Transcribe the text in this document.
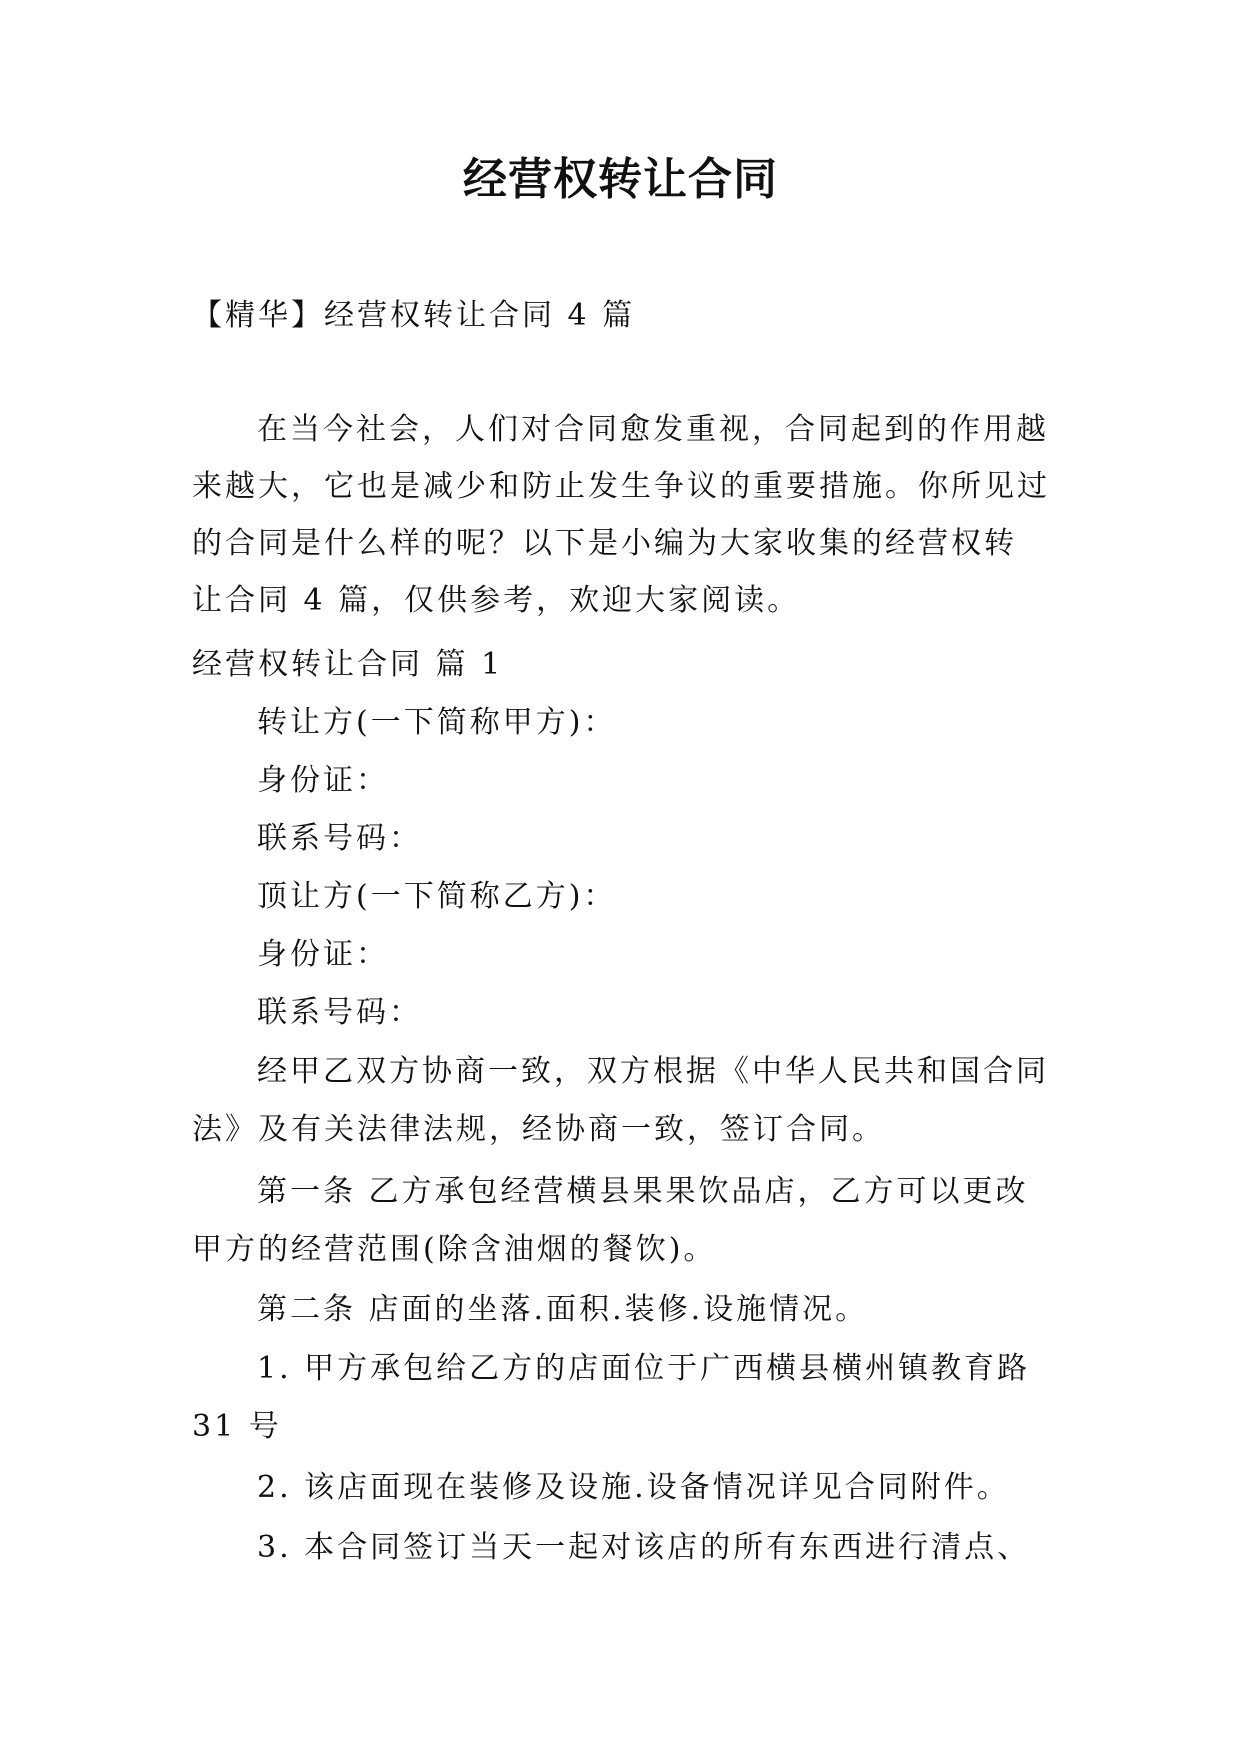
经营权转让合同
【精华】经营权转让合同 4 篇
在当今社会，人们对合同愈发重视，合同起到的作用越
来越大，它也是减少和防止发生争议的重要措施。你所见过
的合同是什么样的呢？以下是小编为大家收集的经营权转
让合同 4 篇，仅供参考，欢迎大家阅读。
经营权转让合同 篇 1
转让方(一下简称甲方)：
身份证：
联系号码：
顶让方(一下简称乙方)：
身份证：
联系号码：
经甲乙双方协商一致，双方根据《中华人民共和国合同
法》及有关法律法规，经协商一致，签订合同。
第一条 乙方承包经营横县果果饮品店，乙方可以更改
甲方的经营范围(除含油烟的餐饮)。
第二条 店面的坐落.面积.装修.设施情况。
1. 甲方承包给乙方的店面位于广西横县横州镇教育路
31 号
2. 该店面现在装修及设施.设备情况详见合同附件。
3. 本合同签订当天一起对该店的所有东西进行清点、
